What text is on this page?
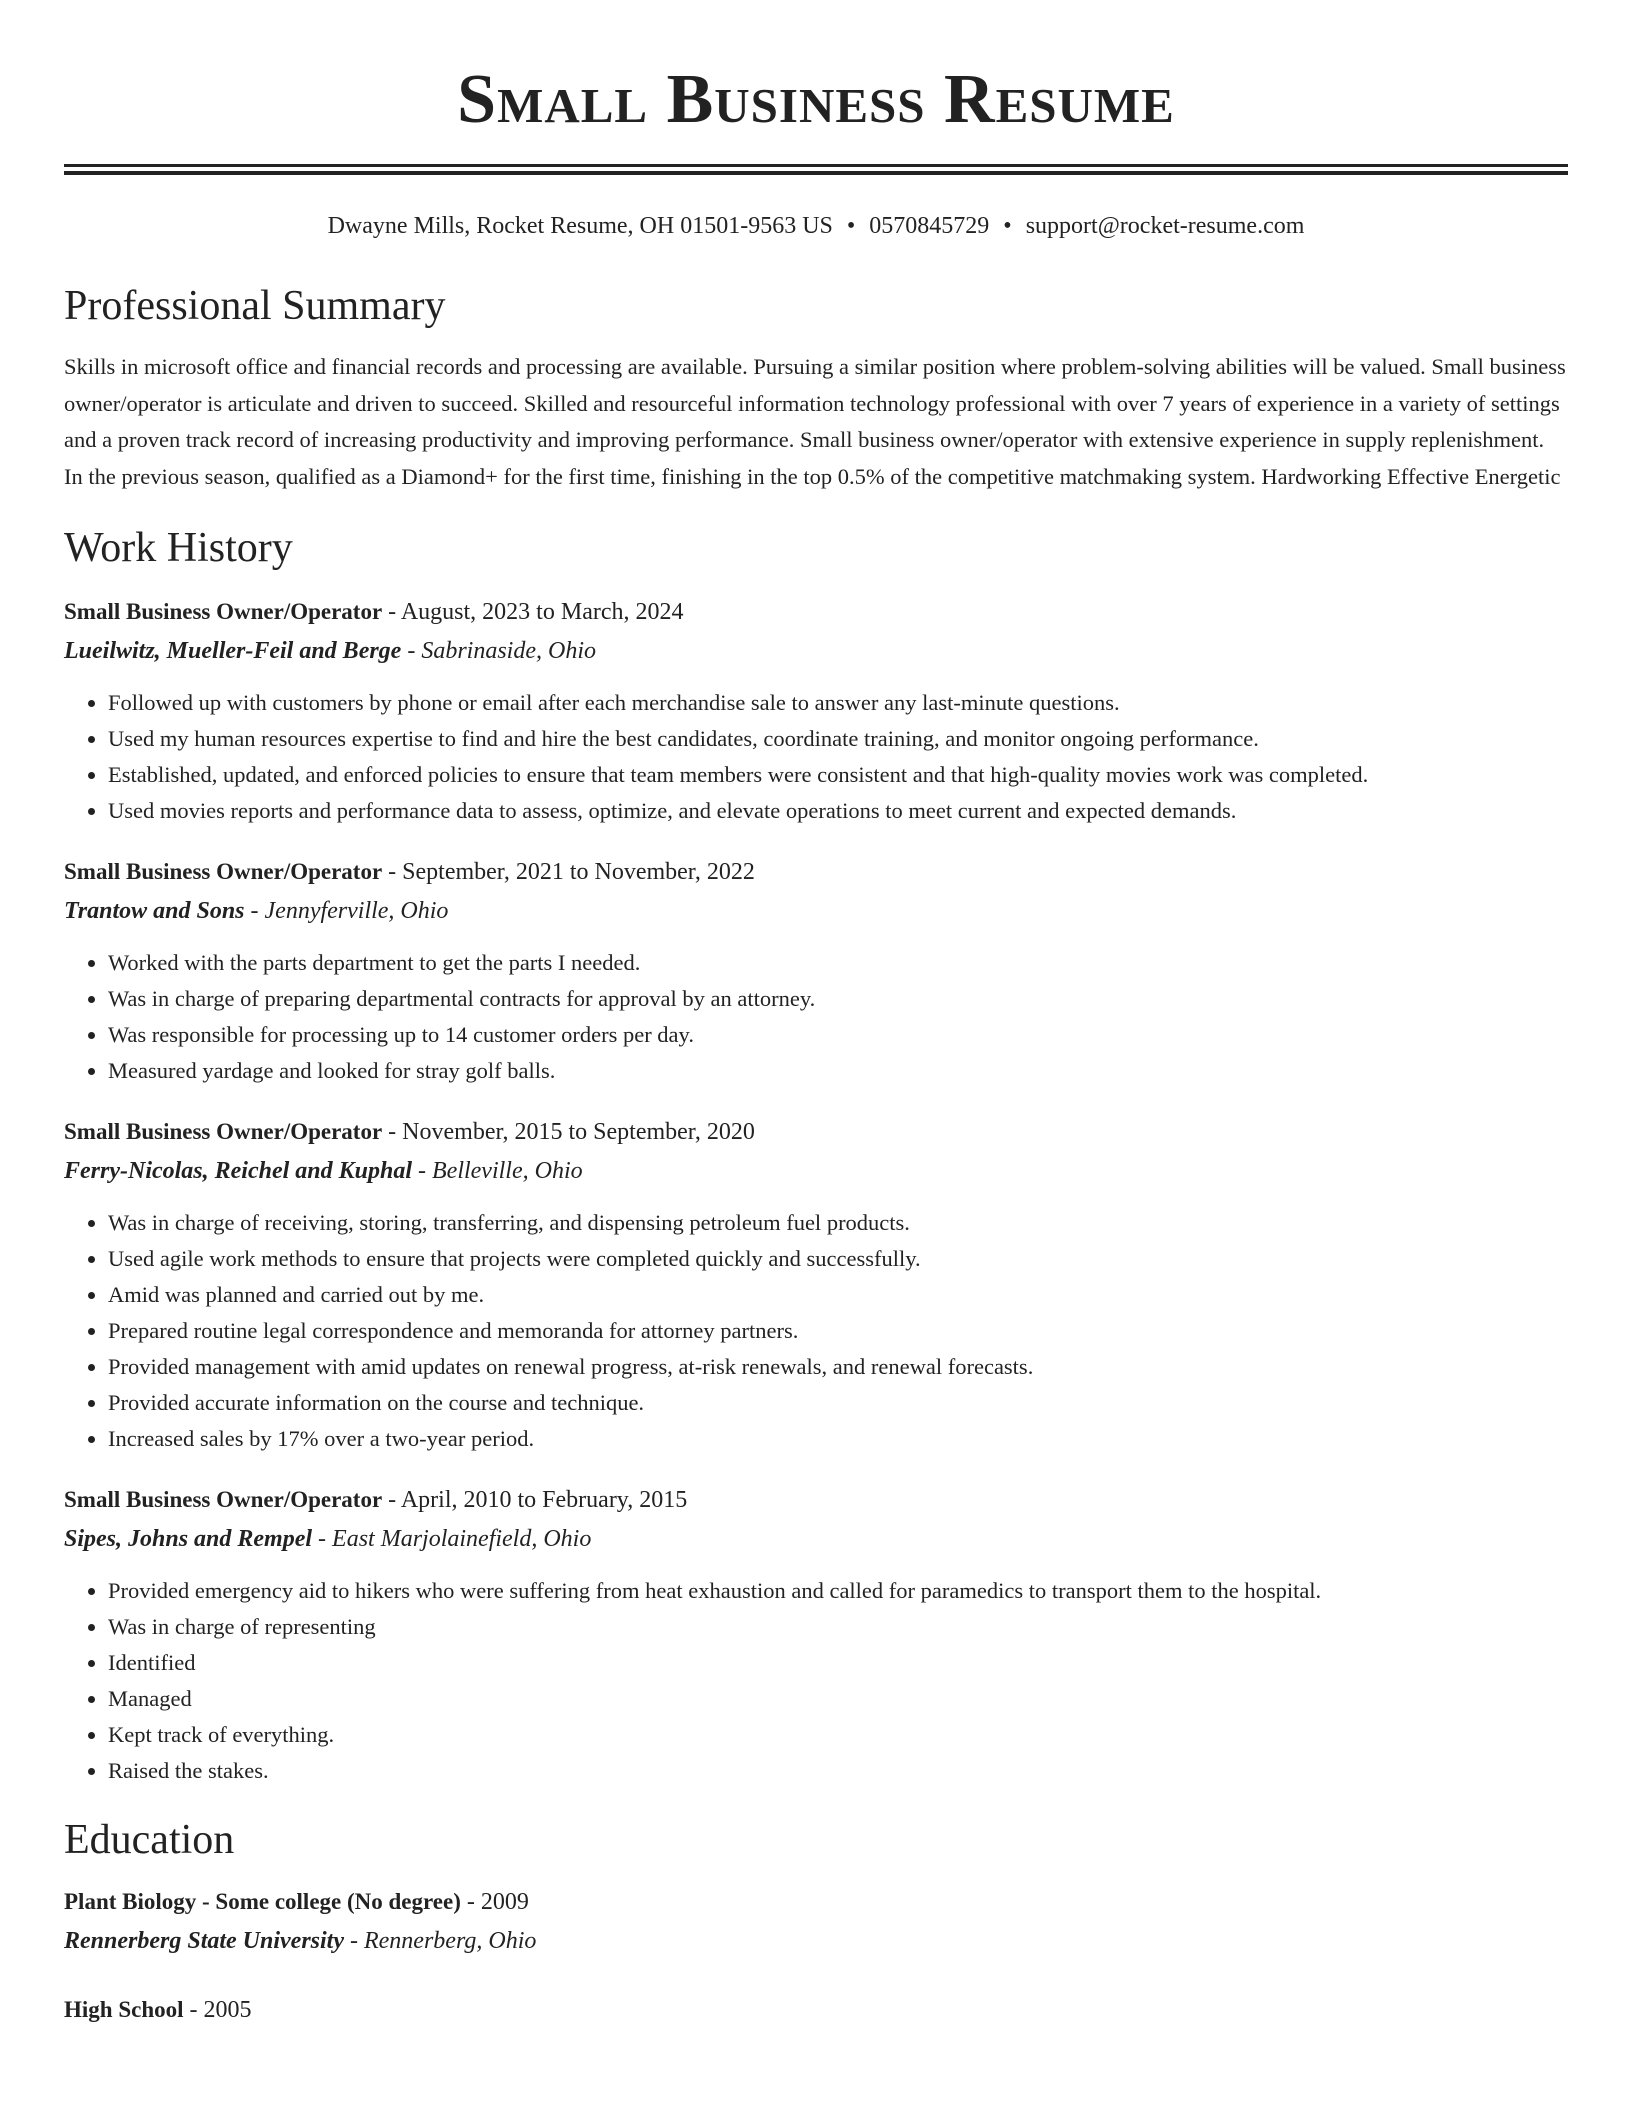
Small Business Resume
Dwayne Mills, Rocket Resume, OH 01501-9563 US • 0570845729 • support@rocket-resume.com
Professional Summary
Skills in microsoft office and financial records and processing are available. Pursuing a similar position where problem-solving abilities will be valued. Small business owner/operator is articulate and driven to succeed. Skilled and resourceful information technology professional with over 7 years of experience in a variety of settings and a proven track record of increasing productivity and improving performance. Small business owner/operator with extensive experience in supply replenishment. In the previous season, qualified as a Diamond+ for the first time, finishing in the top 0.5% of the competitive matchmaking system. Hardworking Effective Energetic
Work History
Small Business Owner/Operator - August, 2023 to March, 2024
Lueilwitz, Mueller-Feil and Berge - Sabrinaside, Ohio
• Followed up with customers by phone or email after each merchandise sale to answer any last-minute questions.
• Used my human resources expertise to find and hire the best candidates, coordinate training, and monitor ongoing performance.
• Established, updated, and enforced policies to ensure that team members were consistent and that high-quality movies work was completed.
• Used movies reports and performance data to assess, optimize, and elevate operations to meet current and expected demands.
Small Business Owner/Operator - September, 2021 to November, 2022
Trantow and Sons - Jennyferville, Ohio
• Worked with the parts department to get the parts I needed.
• Was in charge of preparing departmental contracts for approval by an attorney.
• Was responsible for processing up to 14 customer orders per day.
• Measured yardage and looked for stray golf balls.
Small Business Owner/Operator - November, 2015 to September, 2020
Ferry-Nicolas, Reichel and Kuphal - Belleville, Ohio
• Was in charge of receiving, storing, transferring, and dispensing petroleum fuel products.
• Used agile work methods to ensure that projects were completed quickly and successfully.
• Amid was planned and carried out by me.
• Prepared routine legal correspondence and memoranda for attorney partners.
• Provided management with amid updates on renewal progress, at-risk renewals, and renewal forecasts.
• Provided accurate information on the course and technique.
• Increased sales by 17% over a two-year period.
Small Business Owner/Operator - April, 2010 to February, 2015
Sipes, Johns and Rempel - East Marjolainefield, Ohio
• Provided emergency aid to hikers who were suffering from heat exhaustion and called for paramedics to transport them to the hospital.
• Was in charge of representing
• Identified
• Managed
• Kept track of everything.
• Raised the stakes.
Education
Plant Biology - Some college (No degree) - 2009
Rennerberg State University - Rennerberg, Ohio
High School - 2005
